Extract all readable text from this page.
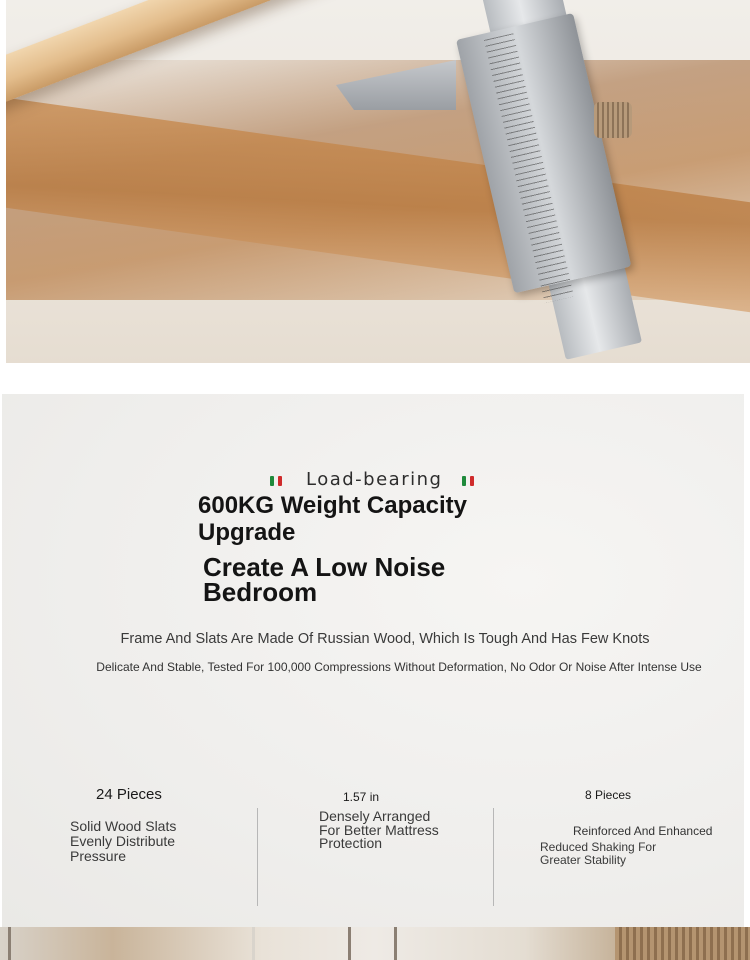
Load-bearing
600KG Weight Capacity Upgrade
Create A Low Noise Bedroom
Frame And Slats Are Made Of Russian Wood, Which Is Tough And Has Few Knots
Delicate And Stable, Tested For 100,000 Compressions Without Deformation, No Odor Or Noise After Intense Use
24 Pieces

Solid Wood Slats Evenly Distribute Pressure

1.57 in

Densely Arranged For Better Mattress Protection

8 Pieces
Reinforced And Enhanced

Reduced Shaking For Greater Stability
